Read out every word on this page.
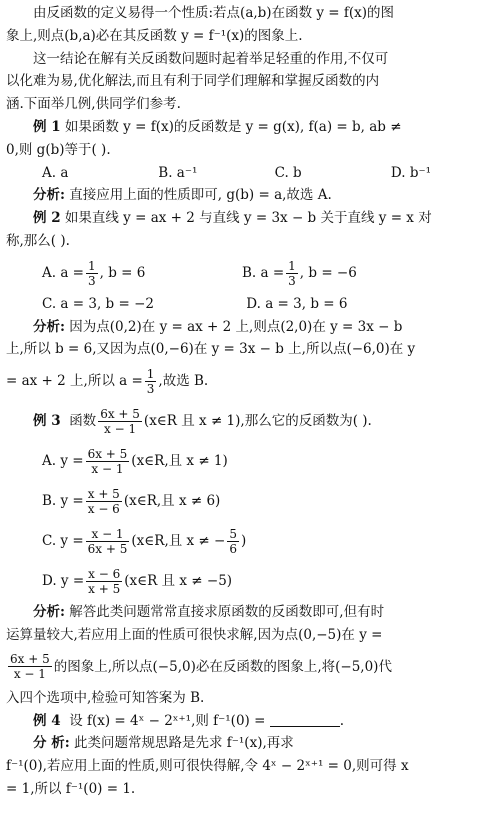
由反函数的定义易得一个性质:若点(a,b)在函数 y = f(x)的图
象上,则点(b,a)必在其反函数 y = f⁻¹(x)的图象上.
这一结论在解有关反函数问题时起着举足轻重的作用,不仅可
以化难为易,优化解法,而且有利于同学们理解和掌握反函数的内
涵.下面举几例,供同学们参考.
例 1 如果函数 y = f(x)的反函数是 y = g(x), f(a) = b, ab ≠
0,则 g(b)等于( ).
A. a	B. a⁻¹	C. b	D. b⁻¹
分析: 直接应用上面的性质即可, g(b) = a,故选 A.
例 2 如果直线 y = ax + 2 与直线 y = 3x − b 关于直线 y = x 对
称,那么( ).
A. $a = \frac{1}{3}$ , b = 6	B. $a = \frac{1}{3}$ , b = −6
C. a = 3, b = −2	D. a = 3, b = 6
分析: 因为点(0,2)在 y = ax + 2 上,则点(2,0)在 y = 3x − b
上,所以 b = 6,又因为点(0,−6)在 y = 3x − b 上,所以点(−6,0)在 y
= ax + 2 上,所以 $a = \frac{1}{3}$ ,故选 B.
例 3
函数 $\frac{6x + 5}{x - 1}$ (x∈R 且 x ≠ 1),那么它的反函数为( ).
A. $y = \frac{6x + 5}{x - 1}$ (x∈R,且 x ≠ 1)
B. $y = \frac{x + 5}{x - 6}$ (x∈R,且 x ≠ 6)
C. $y = \frac{x - 1}{6x + 5}$ (x∈R,且 x ≠ − $\frac{5}{6}$ )
D. $y = \frac{x - 6}{x + 5}$ (x∈R 且 x ≠ −5)
分析: 解答此类问题常常直接求原函数的反函数即可,但有时
运算量较大,若应用上面的性质可很快求解,因为点(0,−5)在 y =
$\frac{6x + 5}{x - 1}$ 的图象上,所以点(−5,0)必在反函数的图象上,将(−5,0)代
入四个选项中,检验可知答案为 B.
例 4 设 f(x) = 4ˣ − 2ˣ⁺¹,则 f⁻¹(0) =	.
分 析: 此类问题常规思路是先求 f⁻¹(x),再求
f⁻¹(0),若应用上面的性质,则可很快得解,令 4ˣ − 2ˣ⁺¹ = 0,则可得 x
= 1,所以 f⁻¹(0) = 1.
